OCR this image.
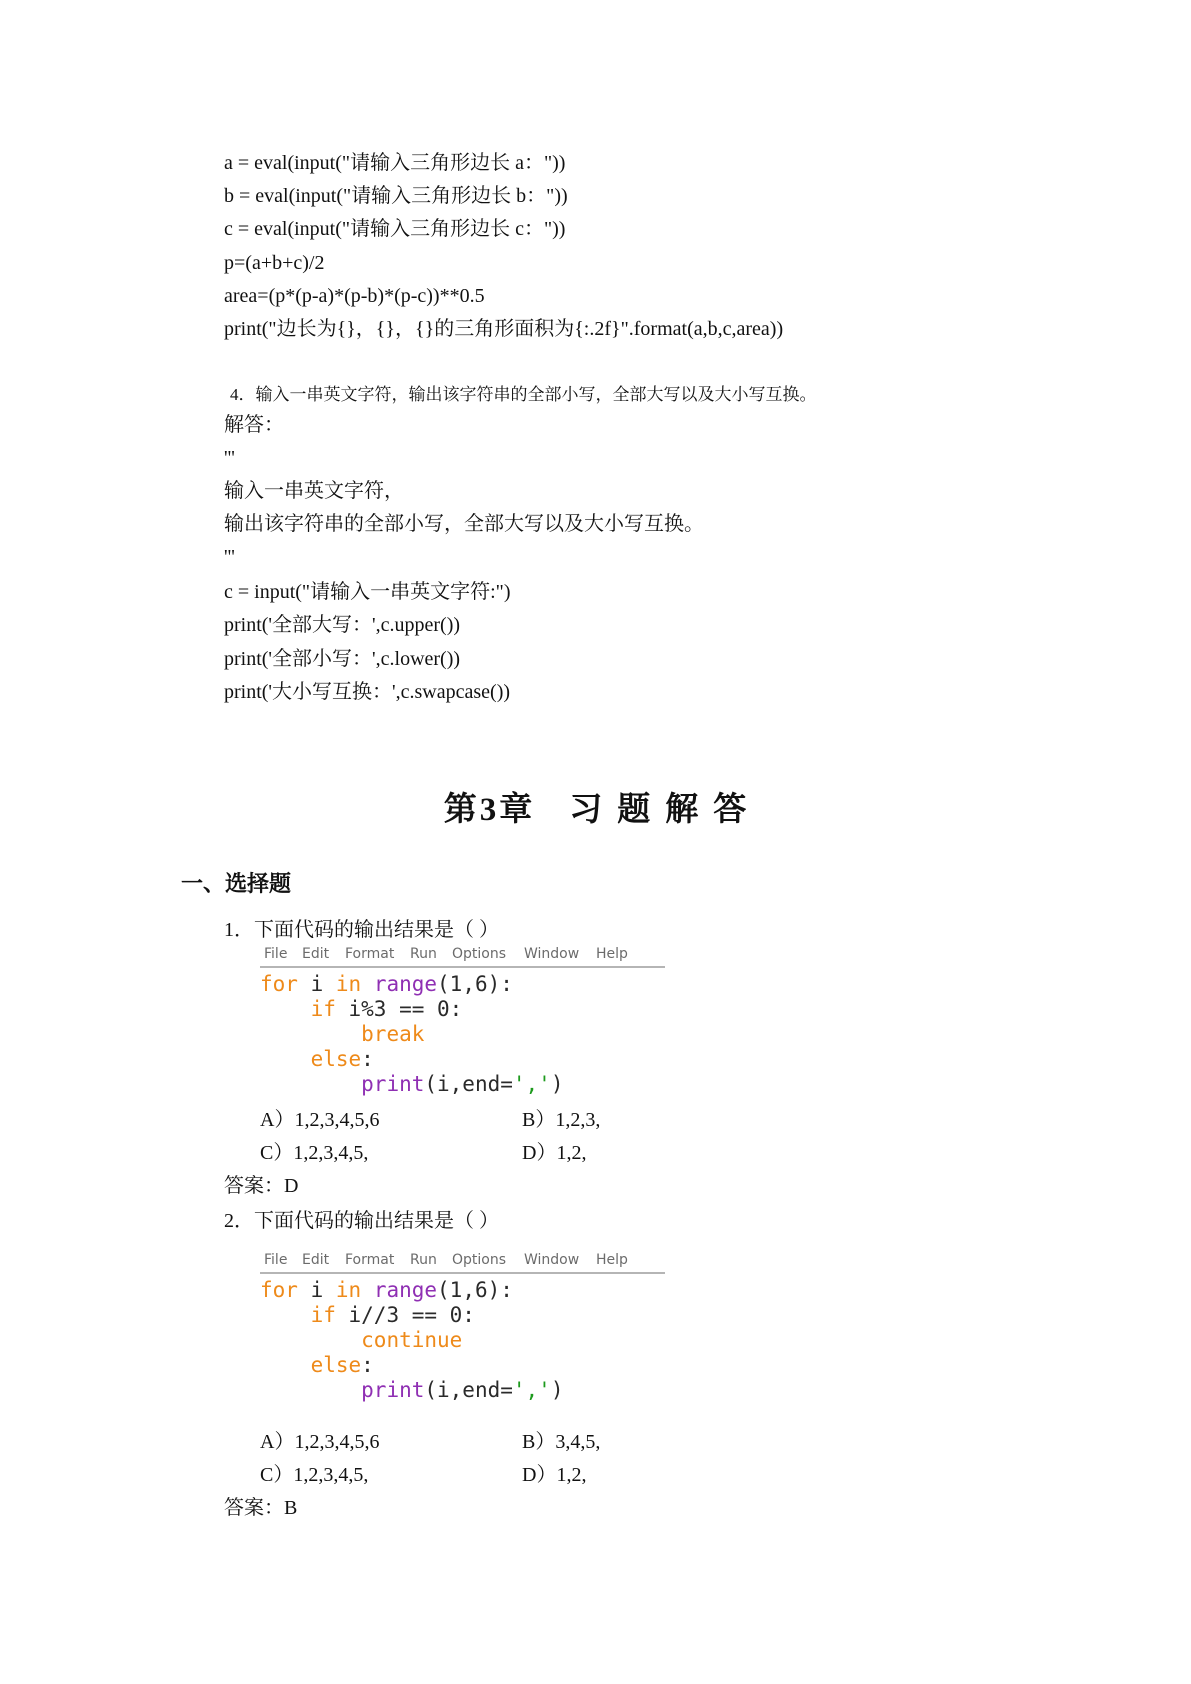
a = eval(input("请输入三角形边长 a："))
b = eval(input("请输入三角形边长 b："))
c = eval(input("请输入三角形边长 c："))
p=(a+b+c)/2
area=(p*(p-a)*(p-b)*(p-c))**0.5
print("边长为{}，{}，{}的三角形面积为{:.2f}".format(a,b,c,area))
4．输入一串英文字符，输出该字符串的全部小写，全部大写以及大小写互换。
解答：
'''
输入一串英文字符，
输出该字符串的全部小写，全部大写以及大小写互换。
'''
c = input("请输入一串英文字符:")
print('全部大写：',c.upper())
print('全部小写：',c.lower())
print('大小写互换：',c.swapcase())
第3章 习 题 解 答
一、选择题
1．下面代码的输出结果是（ ）
File Edit Format Run Options Window Help
for i in range(1,6):
if i%3 == 0:
break
else:
print(i,end=',')
A）1,2,3,4,5,6	B）1,2,3,
C）1,2,3,4,5,	D）1,2,
答案：D
2．下面代码的输出结果是（ ）
File Edit Format Run Options Window Help
for i in range(1,6):
if i//3 == 0:
continue
else:
print(i,end=',')
A）1,2,3,4,5,6	B）3,4,5,
C）1,2,3,4,5,	D）1,2,
答案：B
